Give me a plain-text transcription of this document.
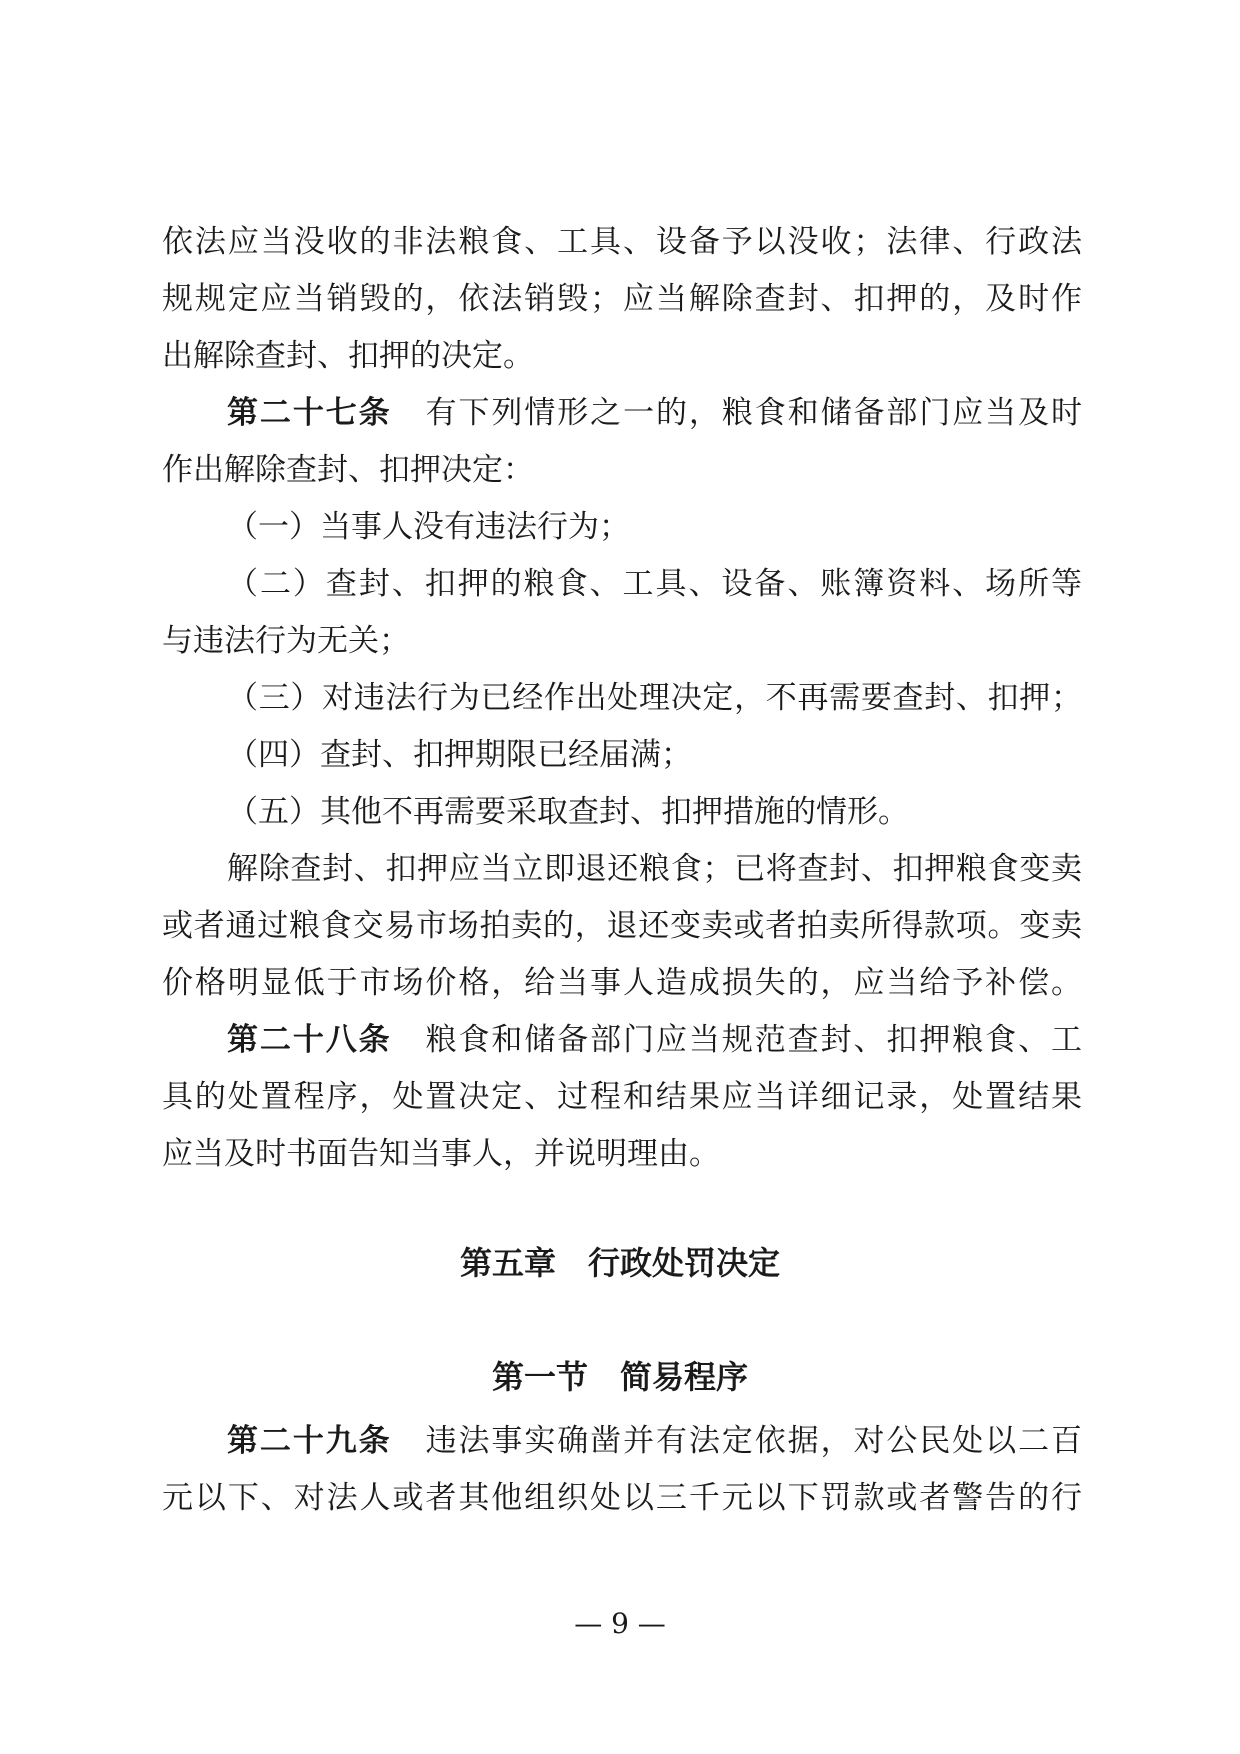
依法应当没收的非法粮食、工具、设备予以没收；法律、行政法
规规定应当销毁的，依法销毁；应当解除查封、扣押的，及时作
出解除查封、扣押的决定。
第二十七条 有下列情形之一的，粮食和储备部门应当及时
作出解除查封、扣押决定：
（一）当事人没有违法行为；
（二）查封、扣押的粮食、工具、设备、账簿资料、场所等
与违法行为无关；
（三）对违法行为已经作出处理决定，不再需要查封、扣押；
（四）查封、扣押期限已经届满；
（五）其他不再需要采取查封、扣押措施的情形。
解除查封、扣押应当立即退还粮食；已将查封、扣押粮食变卖
或者通过粮食交易市场拍卖的，退还变卖或者拍卖所得款项。变卖
价格明显低于市场价格，给当事人造成损失的，应当给予补偿。
第二十八条 粮食和储备部门应当规范查封、扣押粮食、工
具的处置程序，处置决定、过程和结果应当详细记录，处置结果
应当及时书面告知当事人，并说明理由。
第五章 行政处罚决定
第一节 简易程序
第二十九条 违法事实确凿并有法定依据，对公民处以二百
元以下、对法人或者其他组织处以三千元以下罚款或者警告的行
— 9 —
